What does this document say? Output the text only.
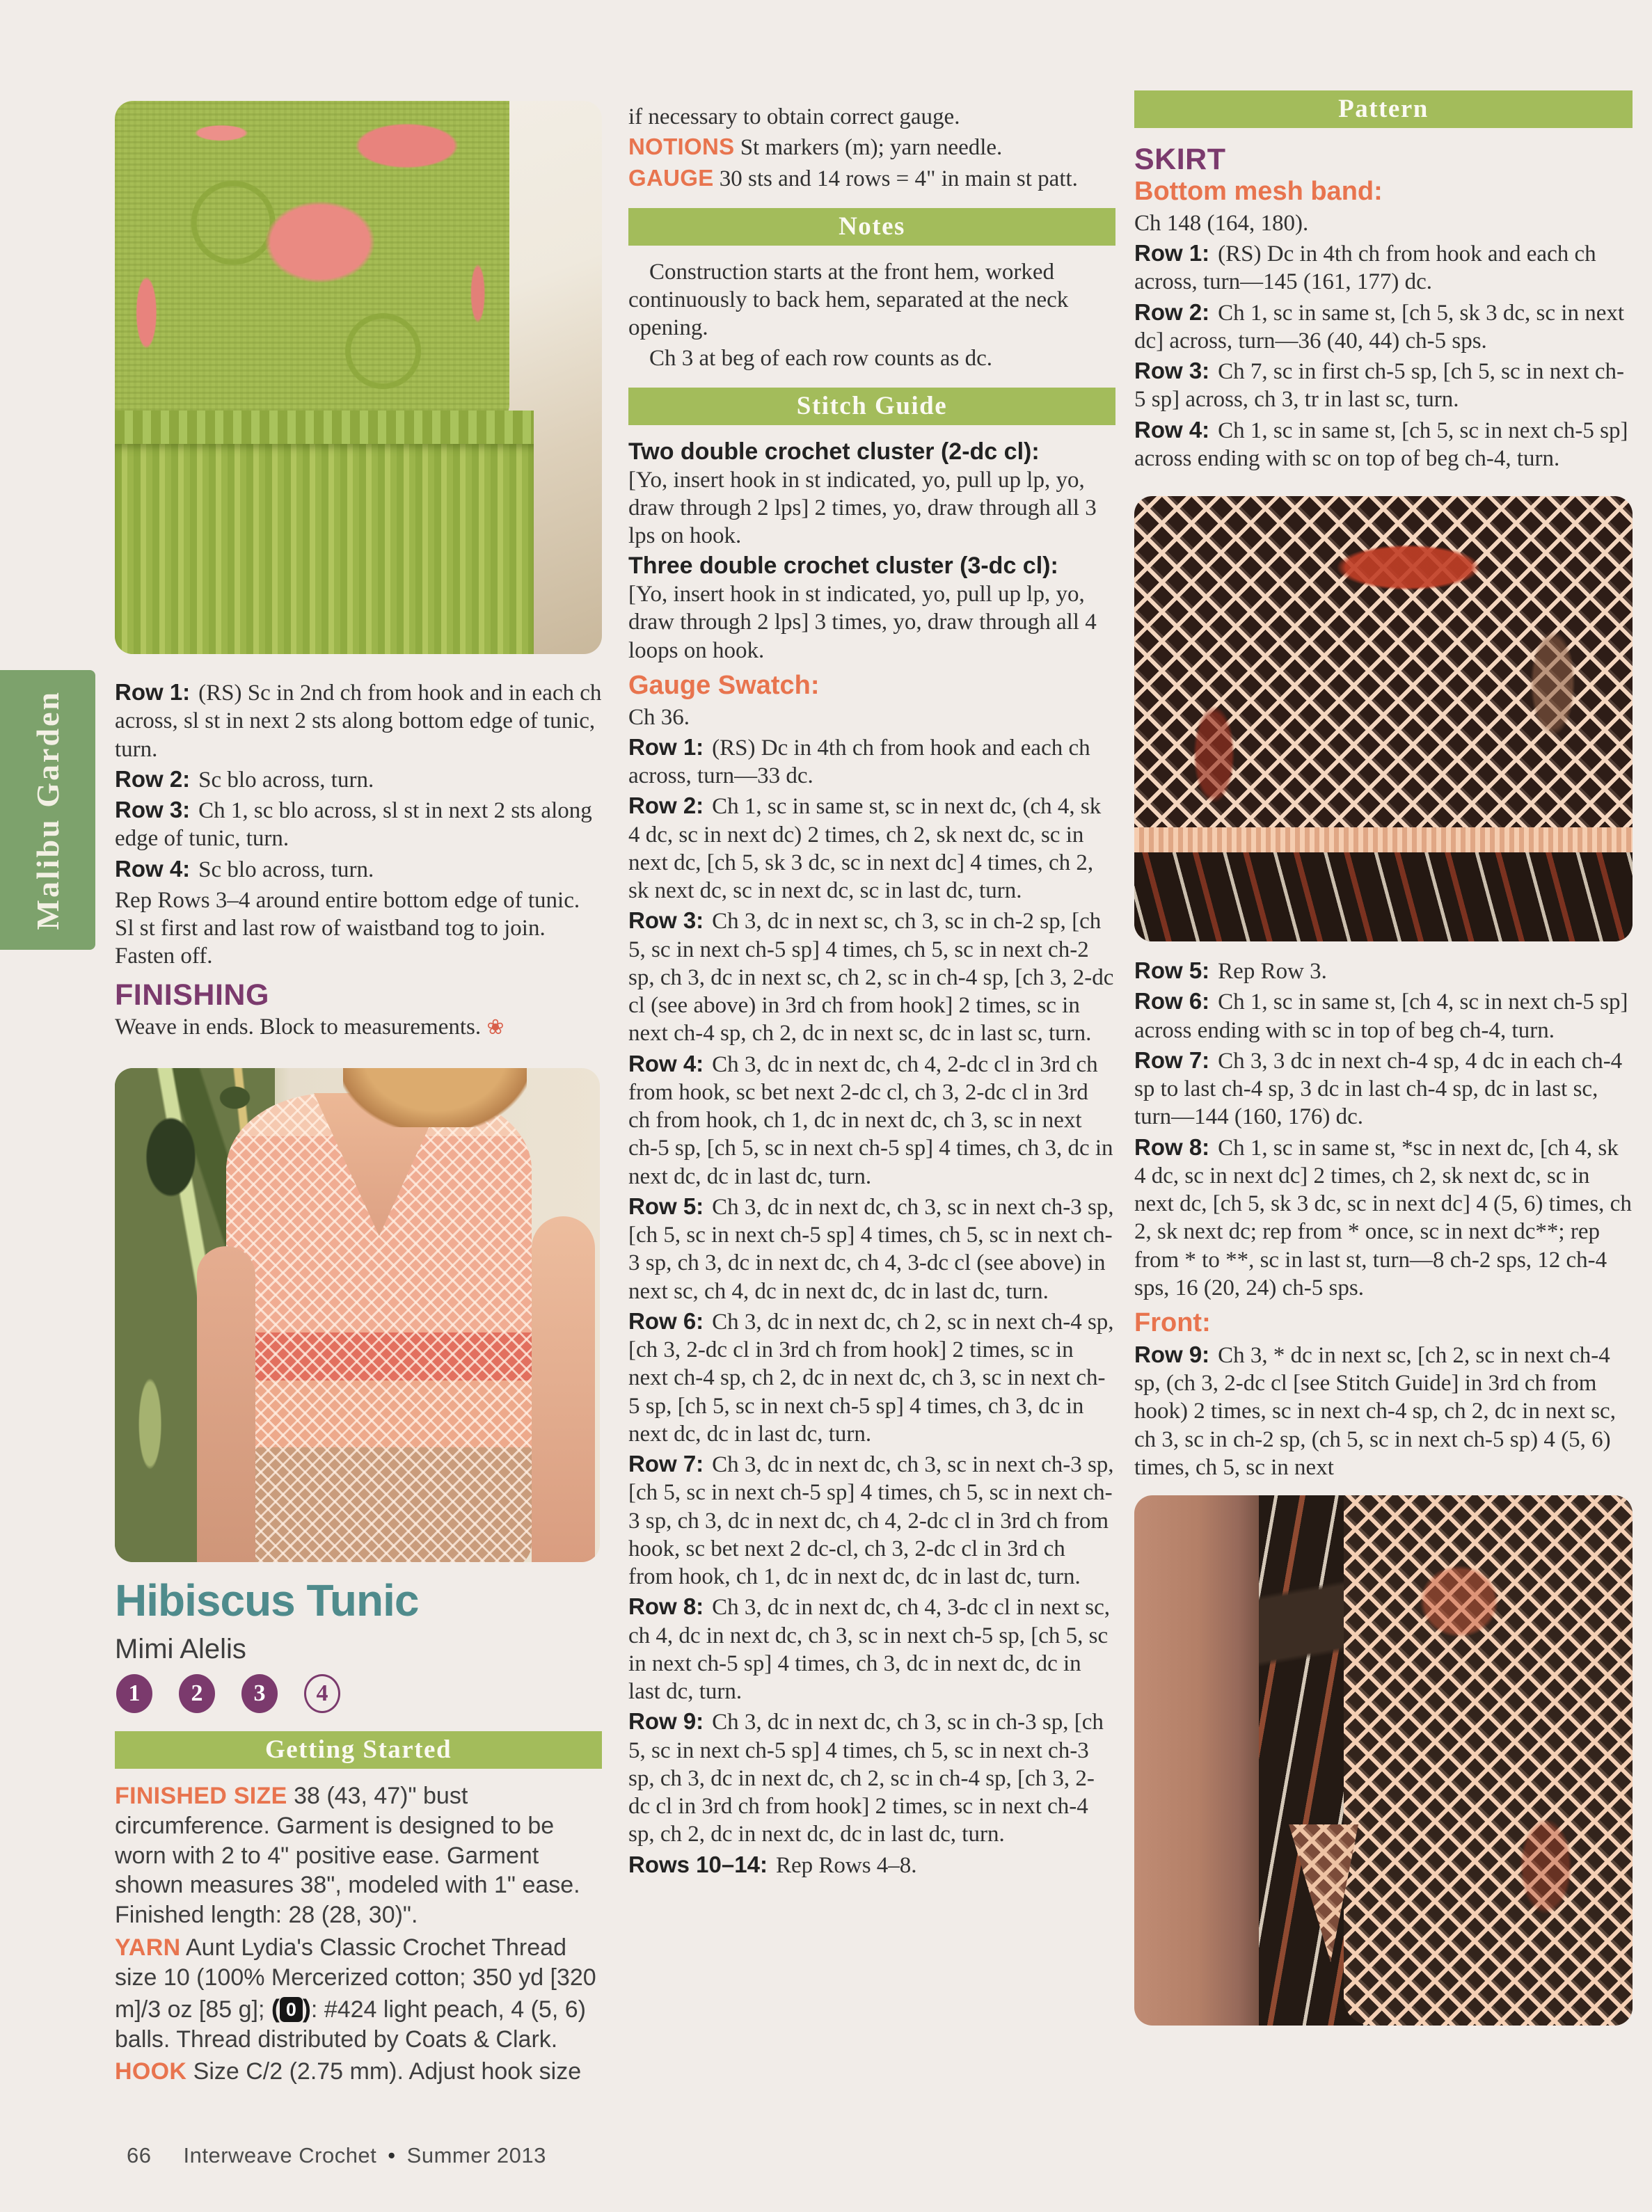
Malibu Garden Row 1: (RS) Sc in 2nd ch from hook and in each ch across, sl st in next 2 sts along bottom edge of tunic, turn.

Row 2: Sc blo across, turn.

Row 3: Ch 1, sc blo across, sl st in next 2 sts along edge of tunic, turn.

Row 4: Sc blo across, turn.

Rep Rows 3–4 around entire bottom edge of tunic. Sl st first and last row of waistband tog to join. Fasten off.

FINISHING

Weave in ends. Block to measurements. ❀

Hibiscus Tunic

Mimi Alelis

1	2	3	4
Getting Started

FINISHED SIZE 38 (43, 47)" bust circumference. Garment is designed to be worn with 2 to 4" positive ease. Garment shown measures 38", modeled with 1" ease. Finished length: 28 (28, 30)".

YARN Aunt Lydia's Classic Crochet Thread size 10 (100% Mercerized cotton; 350 yd [320 m]/3 oz [85 g]; ( 0 ) : #424 light peach, 4 (5, 6) balls. Thread distributed by Coats & Clark.

HOOK Size C/2 (2.75 mm). Adjust hook size

if necessary to obtain correct gauge.

NOTIONS St markers (m); yarn needle.

GAUGE 30 sts and 14 rows = 4" in main st patt.

Notes

Construction starts at the front hem, worked continuously to back hem, separated at the neck opening.

Ch 3 at beg of each row counts as dc.

Stitch Guide

Two double crochet cluster (2-dc cl):
[Yo, insert hook in st indicated, yo, pull up lp, yo, draw through 2 lps] 2 times, yo, draw through all 3 lps on hook.

Three double crochet cluster (3-dc cl):
[Yo, insert hook in st indicated, yo, pull up lp, yo, draw through 2 lps] 3 times, yo, draw through all 4 loops on hook.

Gauge Swatch:

Ch 36.

Row 1: (RS) Dc in 4th ch from hook and each ch across, turn—33 dc.

Row 2: Ch 1, sc in same st, sc in next dc, (ch 4, sk 4 dc, sc in next dc) 2 times, ch 2, sk next dc, sc in next dc, [ch 5, sk 3 dc, sc in next dc] 4 times, ch 2, sk next dc, sc in next dc, sc in last dc, turn.

Row 3: Ch 3, dc in next sc, ch 3, sc in ch-2 sp, [ch 5, sc in next ch-5 sp] 4 times, ch 5, sc in next ch-2 sp, ch 3, dc in next sc, ch 2, sc in ch-4 sp, [ch 3, 2-dc cl (see above) in 3rd ch from hook] 2 times, sc in next ch-4 sp, ch 2, dc in next sc, dc in last sc, turn.

Row 4: Ch 3, dc in next dc, ch 4, 2-dc cl in 3rd ch from hook, sc bet next 2-dc cl, ch 3, 2-dc cl in 3rd ch from hook, ch 1, dc in next dc, ch 3, sc in next ch-5 sp, [ch 5, sc in next ch-5 sp] 4 times, ch 3, dc in next dc, dc in last dc, turn.

Row 5: Ch 3, dc in next dc, ch 3, sc in next ch-3 sp, [ch 5, sc in next ch-5 sp] 4 times, ch 5, sc in next ch-3 sp, ch 3, dc in next dc, ch 4, 3-dc cl (see above) in next sc, ch 4, dc in next dc, dc in last dc, turn.

Row 6: Ch 3, dc in next dc, ch 2, sc in next ch-4 sp, [ch 3, 2-dc cl in 3rd ch from hook] 2 times, sc in next ch-4 sp, ch 2, dc in next dc, ch 3, sc in next ch-5 sp, [ch 5, sc in next ch-5 sp] 4 times, ch 3, dc in next dc, dc in last dc, turn.

Row 7: Ch 3, dc in next dc, ch 3, sc in next ch-3 sp, [ch 5, sc in next ch-5 sp] 4 times, ch 5, sc in next ch-3 sp, ch 3, dc in next dc, ch 4, 2-dc cl in 3rd ch from hook, sc bet next 2 dc-cl, ch 3, 2-dc cl in 3rd ch from hook, ch 1, dc in next dc, dc in last dc, turn.

Row 8: Ch 3, dc in next dc, ch 4, 3-dc cl in next sc, ch 4, dc in next dc, ch 3, sc in next ch-5 sp, [ch 5, sc in next ch-5 sp] 4 times, ch 3, dc in next dc, dc in last dc, turn.

Row 9: Ch 3, dc in next dc, ch 3, sc in ch-3 sp, [ch 5, sc in next ch-5 sp] 4 times, ch 5, sc in next ch-3 sp, ch 3, dc in next dc, ch 2, sc in ch-4 sp, [ch 3, 2-dc cl in 3rd ch from hook] 2 times, sc in next ch-4 sp, ch 2, dc in next dc, dc in last dc, turn.

Rows 10–14: Rep Rows 4–8.

Pattern
SKIRT
Bottom mesh band:

Ch 148 (164, 180).

Row 1: (RS) Dc in 4th ch from hook and each ch across, turn—145 (161, 177) dc.

Row 2: Ch 1, sc in same st, [ch 5, sk 3 dc, sc in next dc] across, turn—36 (40, 44) ch-5 sps.

Row 3: Ch 7, sc in first ch-5 sp, [ch 5, sc in next ch-5 sp] across, ch 3, tr in last sc, turn.

Row 4: Ch 1, sc in same st, [ch 5, sc in next ch-5 sp] across ending with sc on top of beg ch-4, turn.

Row 5: Rep Row 3.

Row 6: Ch 1, sc in same st, [ch 4, sc in next ch-5 sp] across ending with sc in top of beg ch-4, turn.

Row 7: Ch 3, 3 dc in next ch-4 sp, 4 dc in each ch-4 sp to last ch-4 sp, 3 dc in last ch-4 sp, dc in last sc, turn—144 (160, 176) dc.

Row 8: Ch 1, sc in same st, *sc in next dc, [ch 4, sk 4 dc, sc in next dc] 2 times, ch 2, sk next dc, sc in next dc, [ch 5, sk 3 dc, sc in next dc] 4 (5, 6) times, ch 2, sk next dc; rep from * once, sc in next dc**; rep from * to **, sc in last st, turn—8 ch-2 sps, 12 ch-4 sps, 16 (20, 24) ch-5 sps.

Front:

Row 9: Ch 3, * dc in next sc, [ch 2, sc in next ch-4 sp, (ch 3, 2-dc cl [see Stitch Guide] in 3rd ch from hook) 2 times, sc in next ch-4 sp, ch 2, dc in next sc, ch 3, sc in ch-2 sp, (ch 5, sc in next ch-5 sp) 4 (5, 6) times, ch 5, sc in next

66 Interweave Crochet • Summer 2013
